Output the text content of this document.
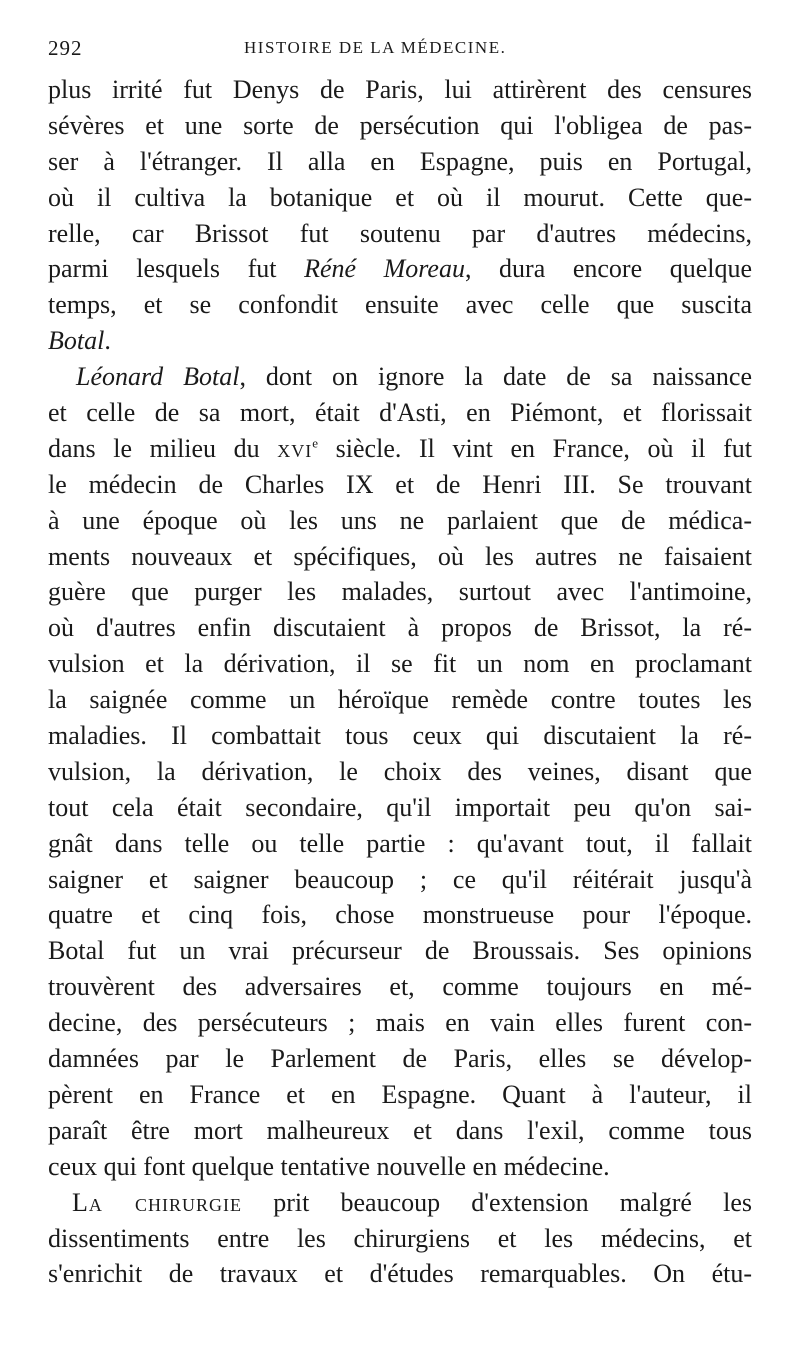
292	HISTOIRE DE LA MÉDECINE.
plus irrité fut Denys de Paris, lui attirèrent des censures
sévères et une sorte de persécution qui l'obligea de pas-
ser à l'étranger. Il alla en Espagne, puis en Portugal,
où il cultiva la botanique et où il mourut. Cette que-
relle, car Brissot fut soutenu par d'autres médecins,
parmi lesquels fut Réné Moreau, dura encore quelque
temps, et se confondit ensuite avec celle que suscita
Botal.
Léonard Botal, dont on ignore la date de sa naissance
et celle de sa mort, était d'Asti, en Piémont, et florissait
dans le milieu du xvi$^e$ siècle. Il vint en France, où il fut
le médecin de Charles IX et de Henri III. Se trouvant
à une époque où les uns ne parlaient que de médica-
ments nouveaux et spécifiques, où les autres ne faisaient
guère que purger les malades, surtout avec l'antimoine,
où d'autres enfin discutaient à propos de Brissot, la ré-
vulsion et la dérivation, il se fit un nom en proclamant
la saignée comme un héroïque remède contre toutes les
maladies. Il combattait tous ceux qui discutaient la ré-
vulsion, la dérivation, le choix des veines, disant que
tout cela était secondaire, qu'il importait peu qu'on sai-
gnât dans telle ou telle partie : qu'avant tout, il fallait
saigner et saigner beaucoup ; ce qu'il réitérait jusqu'à
quatre et cinq fois, chose monstrueuse pour l'époque.
Botal fut un vrai précurseur de Broussais. Ses opinions
trouvèrent des adversaires et, comme toujours en mé-
decine, des persécuteurs ; mais en vain elles furent con-
damnées par le Parlement de Paris, elles se dévelop-
pèrent en France et en Espagne. Quant à l'auteur, il
paraît être mort malheureux et dans l'exil, comme tous
ceux qui font quelque tentative nouvelle en médecine.
La chirurgie prit beaucoup d'extension malgré les
dissentiments entre les chirurgiens et les médecins, et
s'enrichit de travaux et d'études remarquables. On étu-
